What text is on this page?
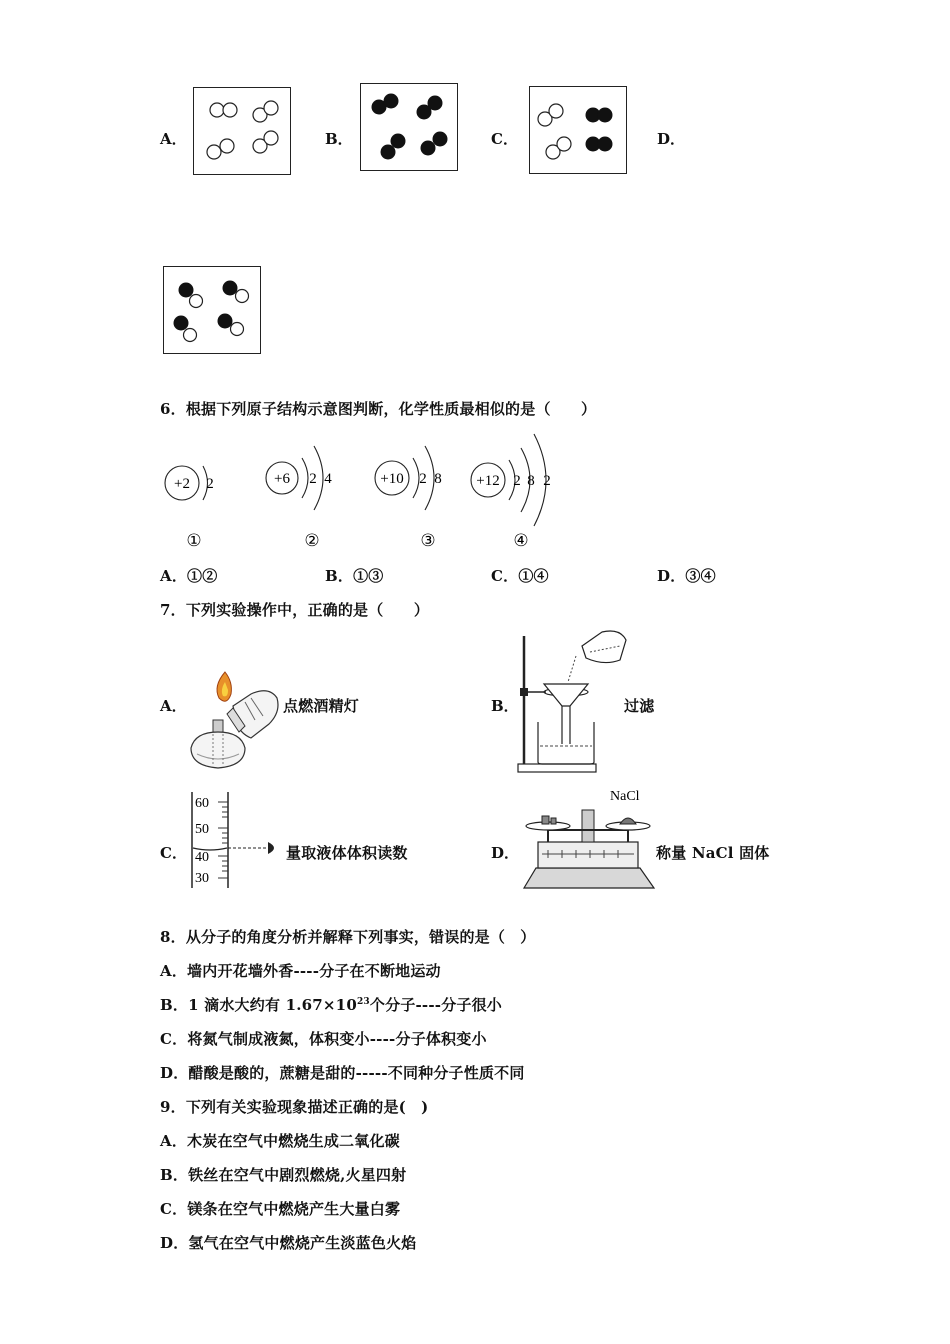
A．	B．	C．	D．
6．根据下列原子结构示意图判断，化学性质最相似的是（　　）
+2 2
①
+6 2 4
②
+10 2 8
③
+12 2 8 2
④
A．①②	B．①③	C．①④	D．③④
7．下列实验操作中，正确的是（　　）
A．	点燃酒精灯	B．	过滤
C．
60
50
40
30
量取液体体积读数	D．
NaCl
称量 NaCl 固体
8．从分子的角度分析并解释下列事实，错误的是（　）
A．墙内开花墙外香----分子在不断地运动
B．1 滴水大约有 $1.67\times 10^{23}$个分子----分子很小
C．将氮气制成液氮，体积变小----分子体积变小
D．醋酸是酸的，蔗糖是甜的-----不同种分子性质不同
9．下列有关实验现象描述正确的是(　)
A．木炭在空气中燃烧生成二氧化碳
B．铁丝在空气中剧烈燃烧,火星四射
C．镁条在空气中燃烧产生大量白雾
D．氢气在空气中燃烧产生淡蓝色火焰
